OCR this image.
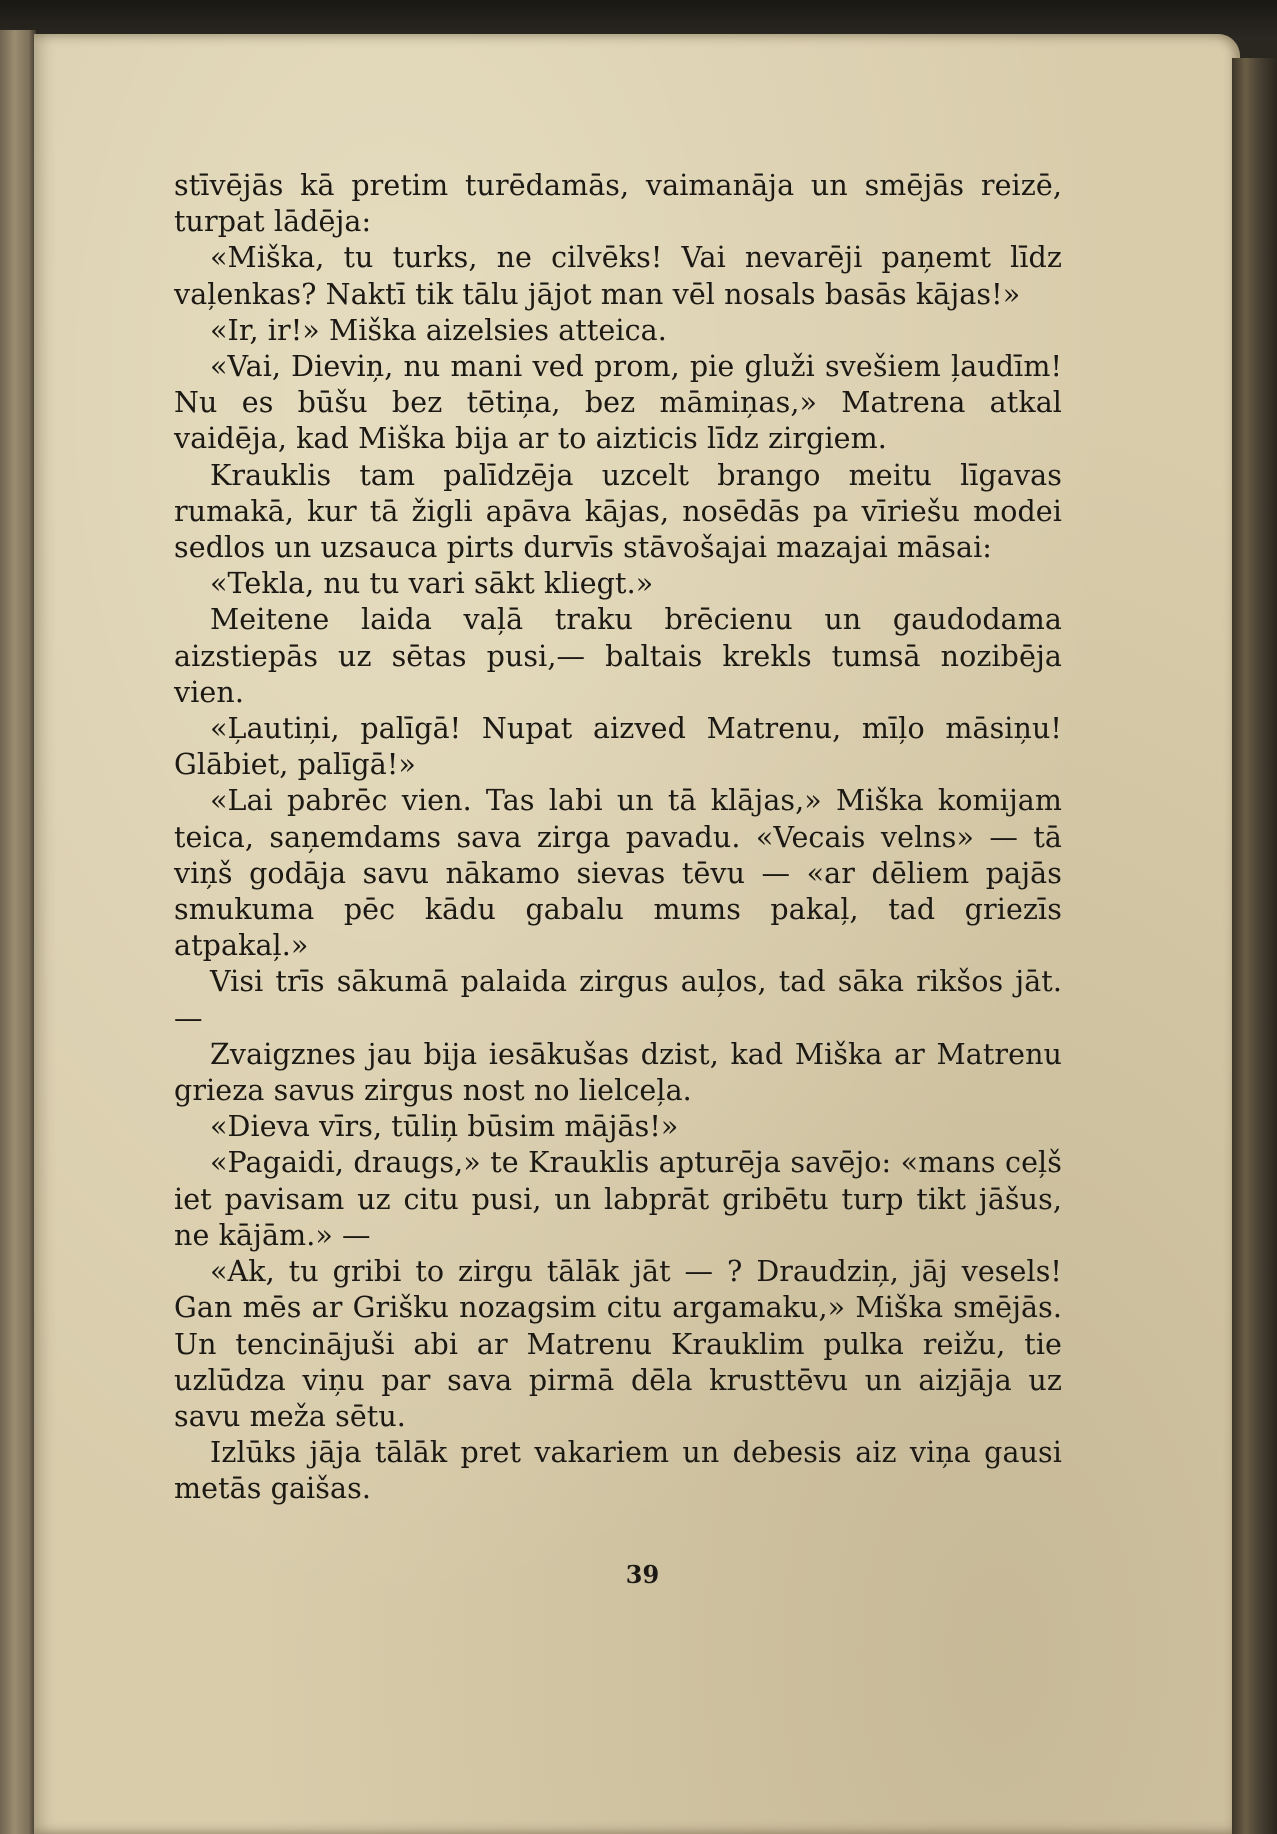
stīvējās kā pretim turēdamās, vaimanāja un smējās reizē, turpat lādēja:

«Miška, tu turks, ne cilvēks! Vai nevarēji paņemt līdz vaļenkas? Naktī tik tālu jājot man vēl nosals basās kājas!»

«Ir, ir!» Miška aizelsies atteica.

«Vai, Dieviņ, nu mani ved prom, pie gluži svešiem ļaudīm! Nu es būšu bez tētiņa, bez māmiņas,» Matrena atkal vaidēja, kad Miška bija ar to aizticis līdz zirgiem.

Krauklis tam palīdzēja uzcelt brango meitu līgavas rumakā, kur tā žigli apāva kājas, nosēdās pa vīriešu modei sedlos un uzsauca pirts durvīs stāvošajai mazajai māsai:

«Tekla, nu tu vari sākt kliegt.»

Meitene laida vaļā traku brēcienu un gaudodama aizstiepās uz sētas pusi,— baltais krekls tumsā nozibēja vien.

«Ļautiņi, palīgā! Nupat aizved Matrenu, mīļo māsiņu! Glābiet, palīgā!»

«Lai pabrēc vien. Tas labi un tā klājas,» Miška komijam teica, saņemdams sava zirga pavadu. «Vecais velns» — tā viņš godāja savu nākamo sievas tēvu — «ar dēliem pajās smukuma pēc kādu gabalu mums pakaļ, tad griezīs atpakaļ.»

Visi trīs sākumā palaida zirgus auļos, tad sāka rikšos jāt. —

Zvaigznes jau bija iesākušas dzist, kad Miška ar Matrenu grieza savus zirgus nost no lielceļa.

«Dieva vīrs, tūliņ būsim mājās!»

«Pagaidi, draugs,» te Krauklis apturēja savējo: «mans ceļš iet pavisam uz citu pusi, un labprāt gribētu turp tikt jāšus, ne kājām.» —

«Ak, tu gribi to zirgu tālāk jāt — ? Draudziņ, jāj vesels! Gan mēs ar Grišku nozagsim citu argamaku,» Miška smējās. Un tencinājuši abi ar Matrenu Krauklim pulka reižu, tie uzlūdza viņu par sava pirmā dēla krusttēvu un aizjāja uz savu meža sētu.

Izlūks jāja tālāk pret vakariem un debesis aiz viņa gausi metās gaišas.

39
